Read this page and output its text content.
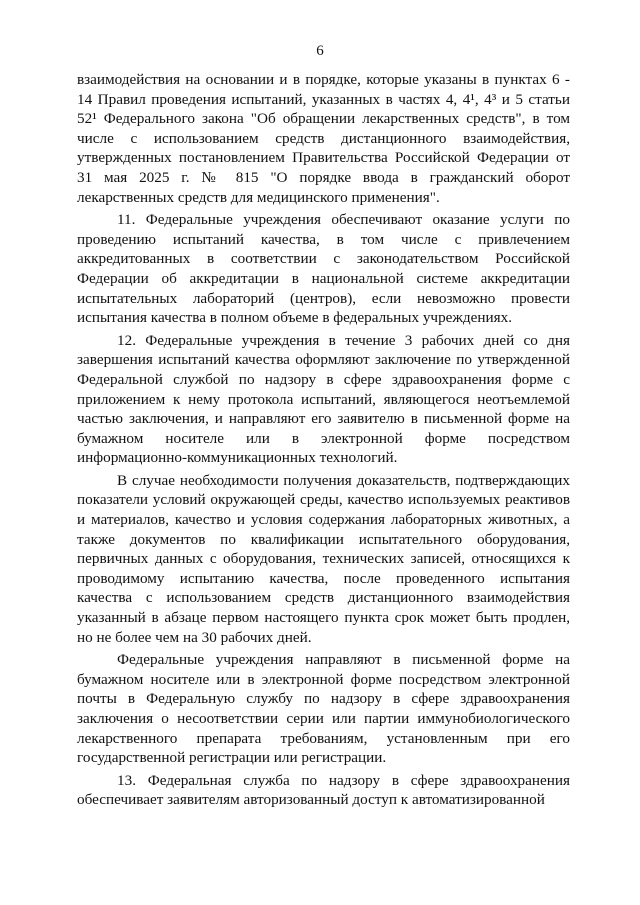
6

взаимодействия на основании и в порядке, которые указаны в пунктах 6 - 14 Правил проведения испытаний, указанных в частях 4, 4¹, 4³ и 5 статьи 52¹ Федерального закона "Об обращении лекарственных средств", в том числе с использованием средств дистанционного взаимодействия, утвержденных постановлением Правительства Российской Федерации от 31 мая 2025 г. № 815 "О порядке ввода в гражданский оборот лекарственных средств для медицинского применения".

11. Федеральные учреждения обеспечивают оказание услуги по проведению испытаний качества, в том числе с привлечением аккредитованных в соответствии с законодательством Российской Федерации об аккредитации в национальной системе аккредитации испытательных лабораторий (центров), если невозможно провести испытания качества в полном объеме в федеральных учреждениях.

12. Федеральные учреждения в течение 3 рабочих дней со дня завершения испытаний качества оформляют заключение по утвержденной Федеральной службой по надзору в сфере здравоохранения форме с приложением к нему протокола испытаний, являющегося неотъемлемой частью заключения, и направляют его заявителю в письменной форме на бумажном носителе или в электронной форме посредством информационно-коммуникационных технологий.

В случае необходимости получения доказательств, подтверждающих показатели условий окружающей среды, качество используемых реактивов и материалов, качество и условия содержания лабораторных животных, а также документов по квалификации испытательного оборудования, первичных данных с оборудования, технических записей, относящихся к проводимому испытанию качества, после проведенного испытания качества с использованием средств дистанционного взаимодействия указанный в абзаце первом настоящего пункта срок может быть продлен, но не более чем на 30 рабочих дней.

Федеральные учреждения направляют в письменной форме на бумажном носителе или в электронной форме посредством электронной почты в Федеральную службу по надзору в сфере здравоохранения заключения о несоответствии серии или партии иммунобиологического лекарственного препарата требованиям, установленным при его государственной регистрации или регистрации.

13. Федеральная служба по надзору в сфере здравоохранения обеспечивает заявителям авторизованный доступ к автоматизированной
